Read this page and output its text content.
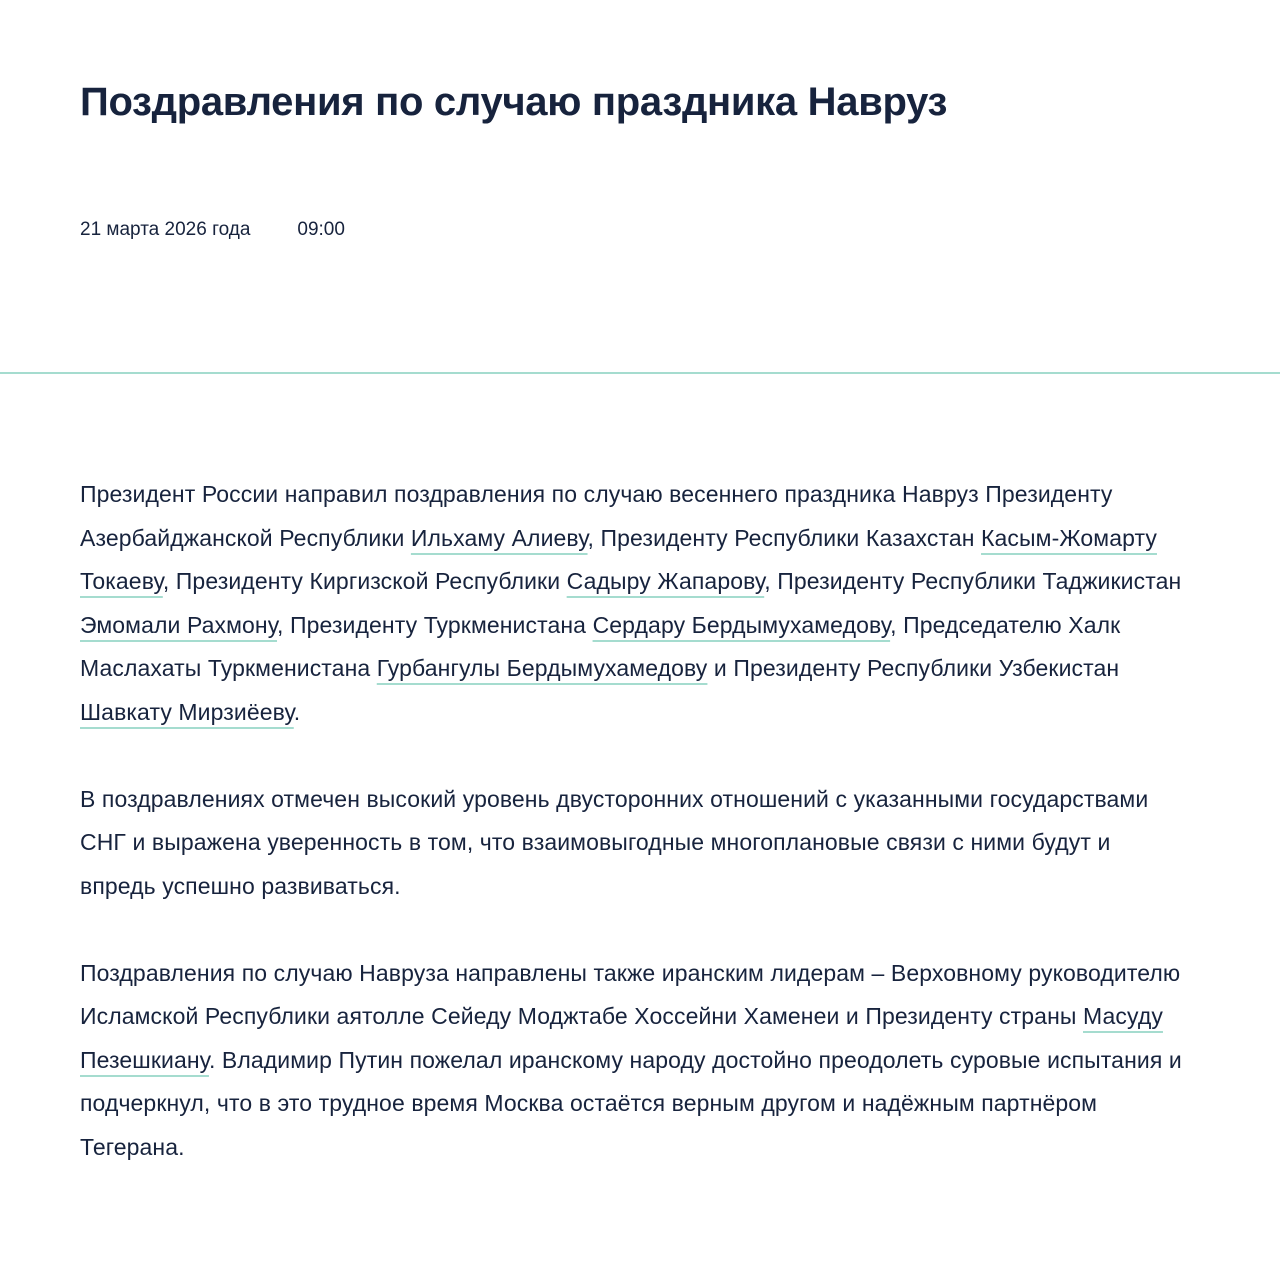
Поздравления по случаю праздника Навруз
21 марта 2026 года 09:00

Президент России направил поздравления по случаю весеннего праздника Навруз Президенту Азербайджанской Республики Ильхаму Алиеву, Президенту Республики Казахстан Касым-Жомарту Токаеву, Президенту Киргизской Республики Садыру Жапарову, Президенту Республики Таджикистан Эмомали Рахмону, Президенту Туркменистана Сердару Бердымухамедову, Председателю Халк Маслахаты Туркменистана Гурбангулы Бердымухамедову и Президенту Республики Узбекистан Шавкату Мирзиёеву.

В поздравлениях отмечен высокий уровень двусторонних отношений с указанными государствами СНГ и выражена уверенность в том, что взаимовыгодные многоплановые связи с ними будут и впредь успешно развиваться.

Поздравления по случаю Навруза направлены также иранским лидерам – Верховному руководителю Исламской Республики аятолле Сейеду Моджтабе Хоссейни Хаменеи и Президенту страны Масуду Пезешкиану. Владимир Путин пожелал иранскому народу достойно преодолеть суровые испытания и подчеркнул, что в это трудное время Москва остаётся верным другом и надёжным партнёром Тегерана.
